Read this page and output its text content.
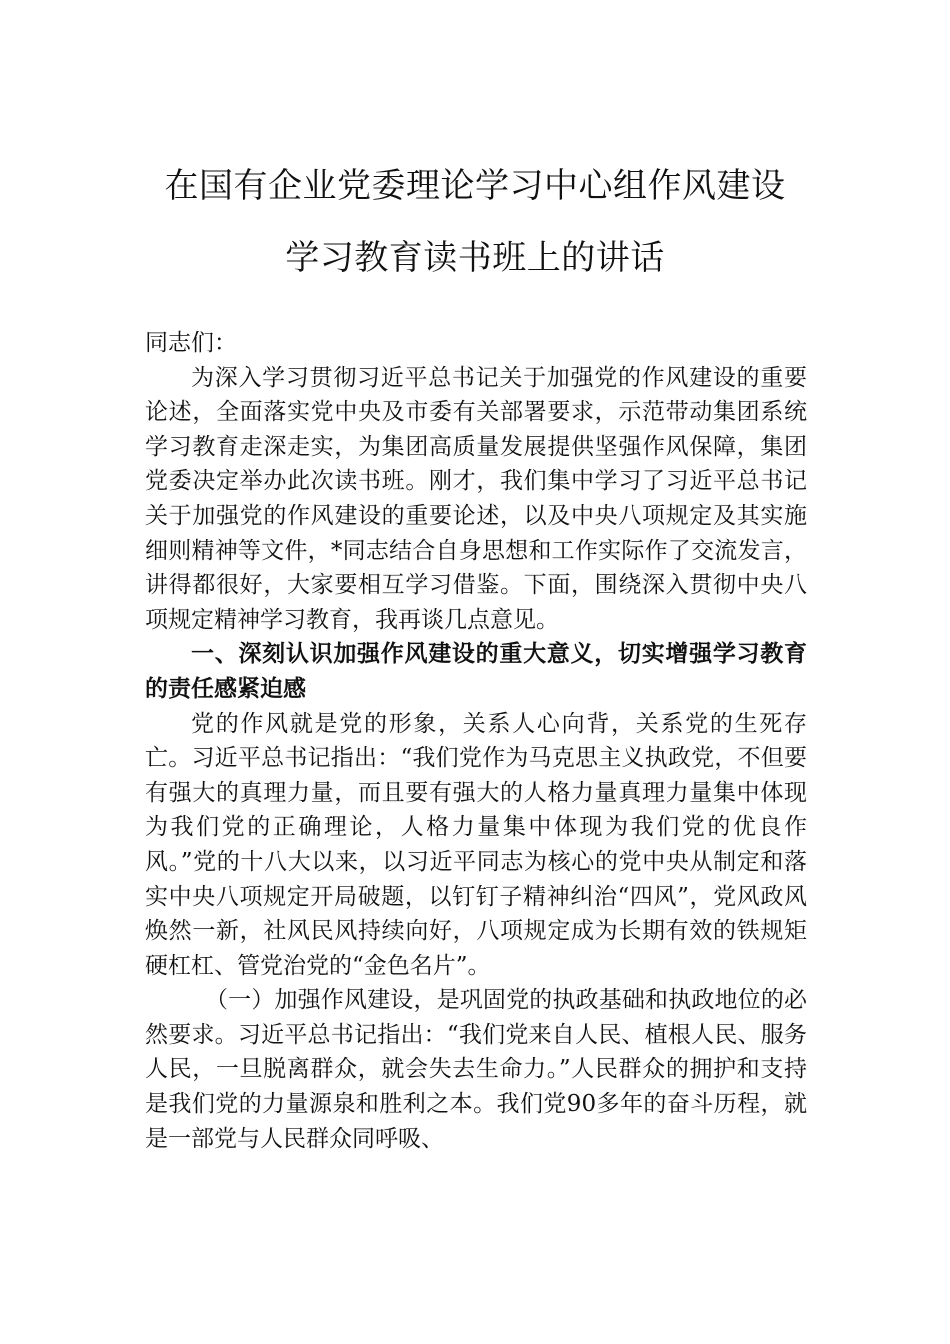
在国有企业党委理论学习中心组作风建设
学习教育读书班上的讲话

同志们：

为深入学习贯彻习近平总书记关于加强党的作风建设的重要论述，全面落实党中央及市委有关部署要求，示范带动集团系统学习教育走深走实，为集团高质量发展提供坚强作风保障，集团党委决定举办此次读书班。刚才，我们集中学习了习近平总书记关于加强党的作风建设的重要论述，以及中央八项规定及其实施细则精神等文件，*同志结合自身思想和工作实际作了交流发言，讲得都很好，大家要相互学习借鉴。下面，围绕深入贯彻中央八项规定精神学习教育，我再谈几点意见。

一、深刻认识加强作风建设的重大意义，切实增强学习教育的责任感紧迫感

党的作风就是党的形象，关系人心向背，关系党的生死存亡。习近平总书记指出：“我们党作为马克思主义执政党，不但要有强大的真理力量，而且要有强大的人格力量真理力量集中体现为我们党的正确理论，人格力量集中体现为我们党的优良作风。”党的十八大以来，以习近平同志为核心的党中央从制定和落实中央八项规定开局破题，以钉钉子精神纠治“四风”，党风政风焕然一新，社风民风持续向好，八项规定成为长期有效的铁规矩硬杠杠、管党治党的“金色名片”。

（一）加强作风建设，是巩固党的执政基础和执政地位的必然要求。习近平总书记指出：“我们党来自人民、植根人民、服务人民，一旦脱离群众，就会失去生命力。”人民群众的拥护和支持是我们党的力量源泉和胜利之本。我们党90多年的奋斗历程，就是一部党与人民群众同呼吸、
